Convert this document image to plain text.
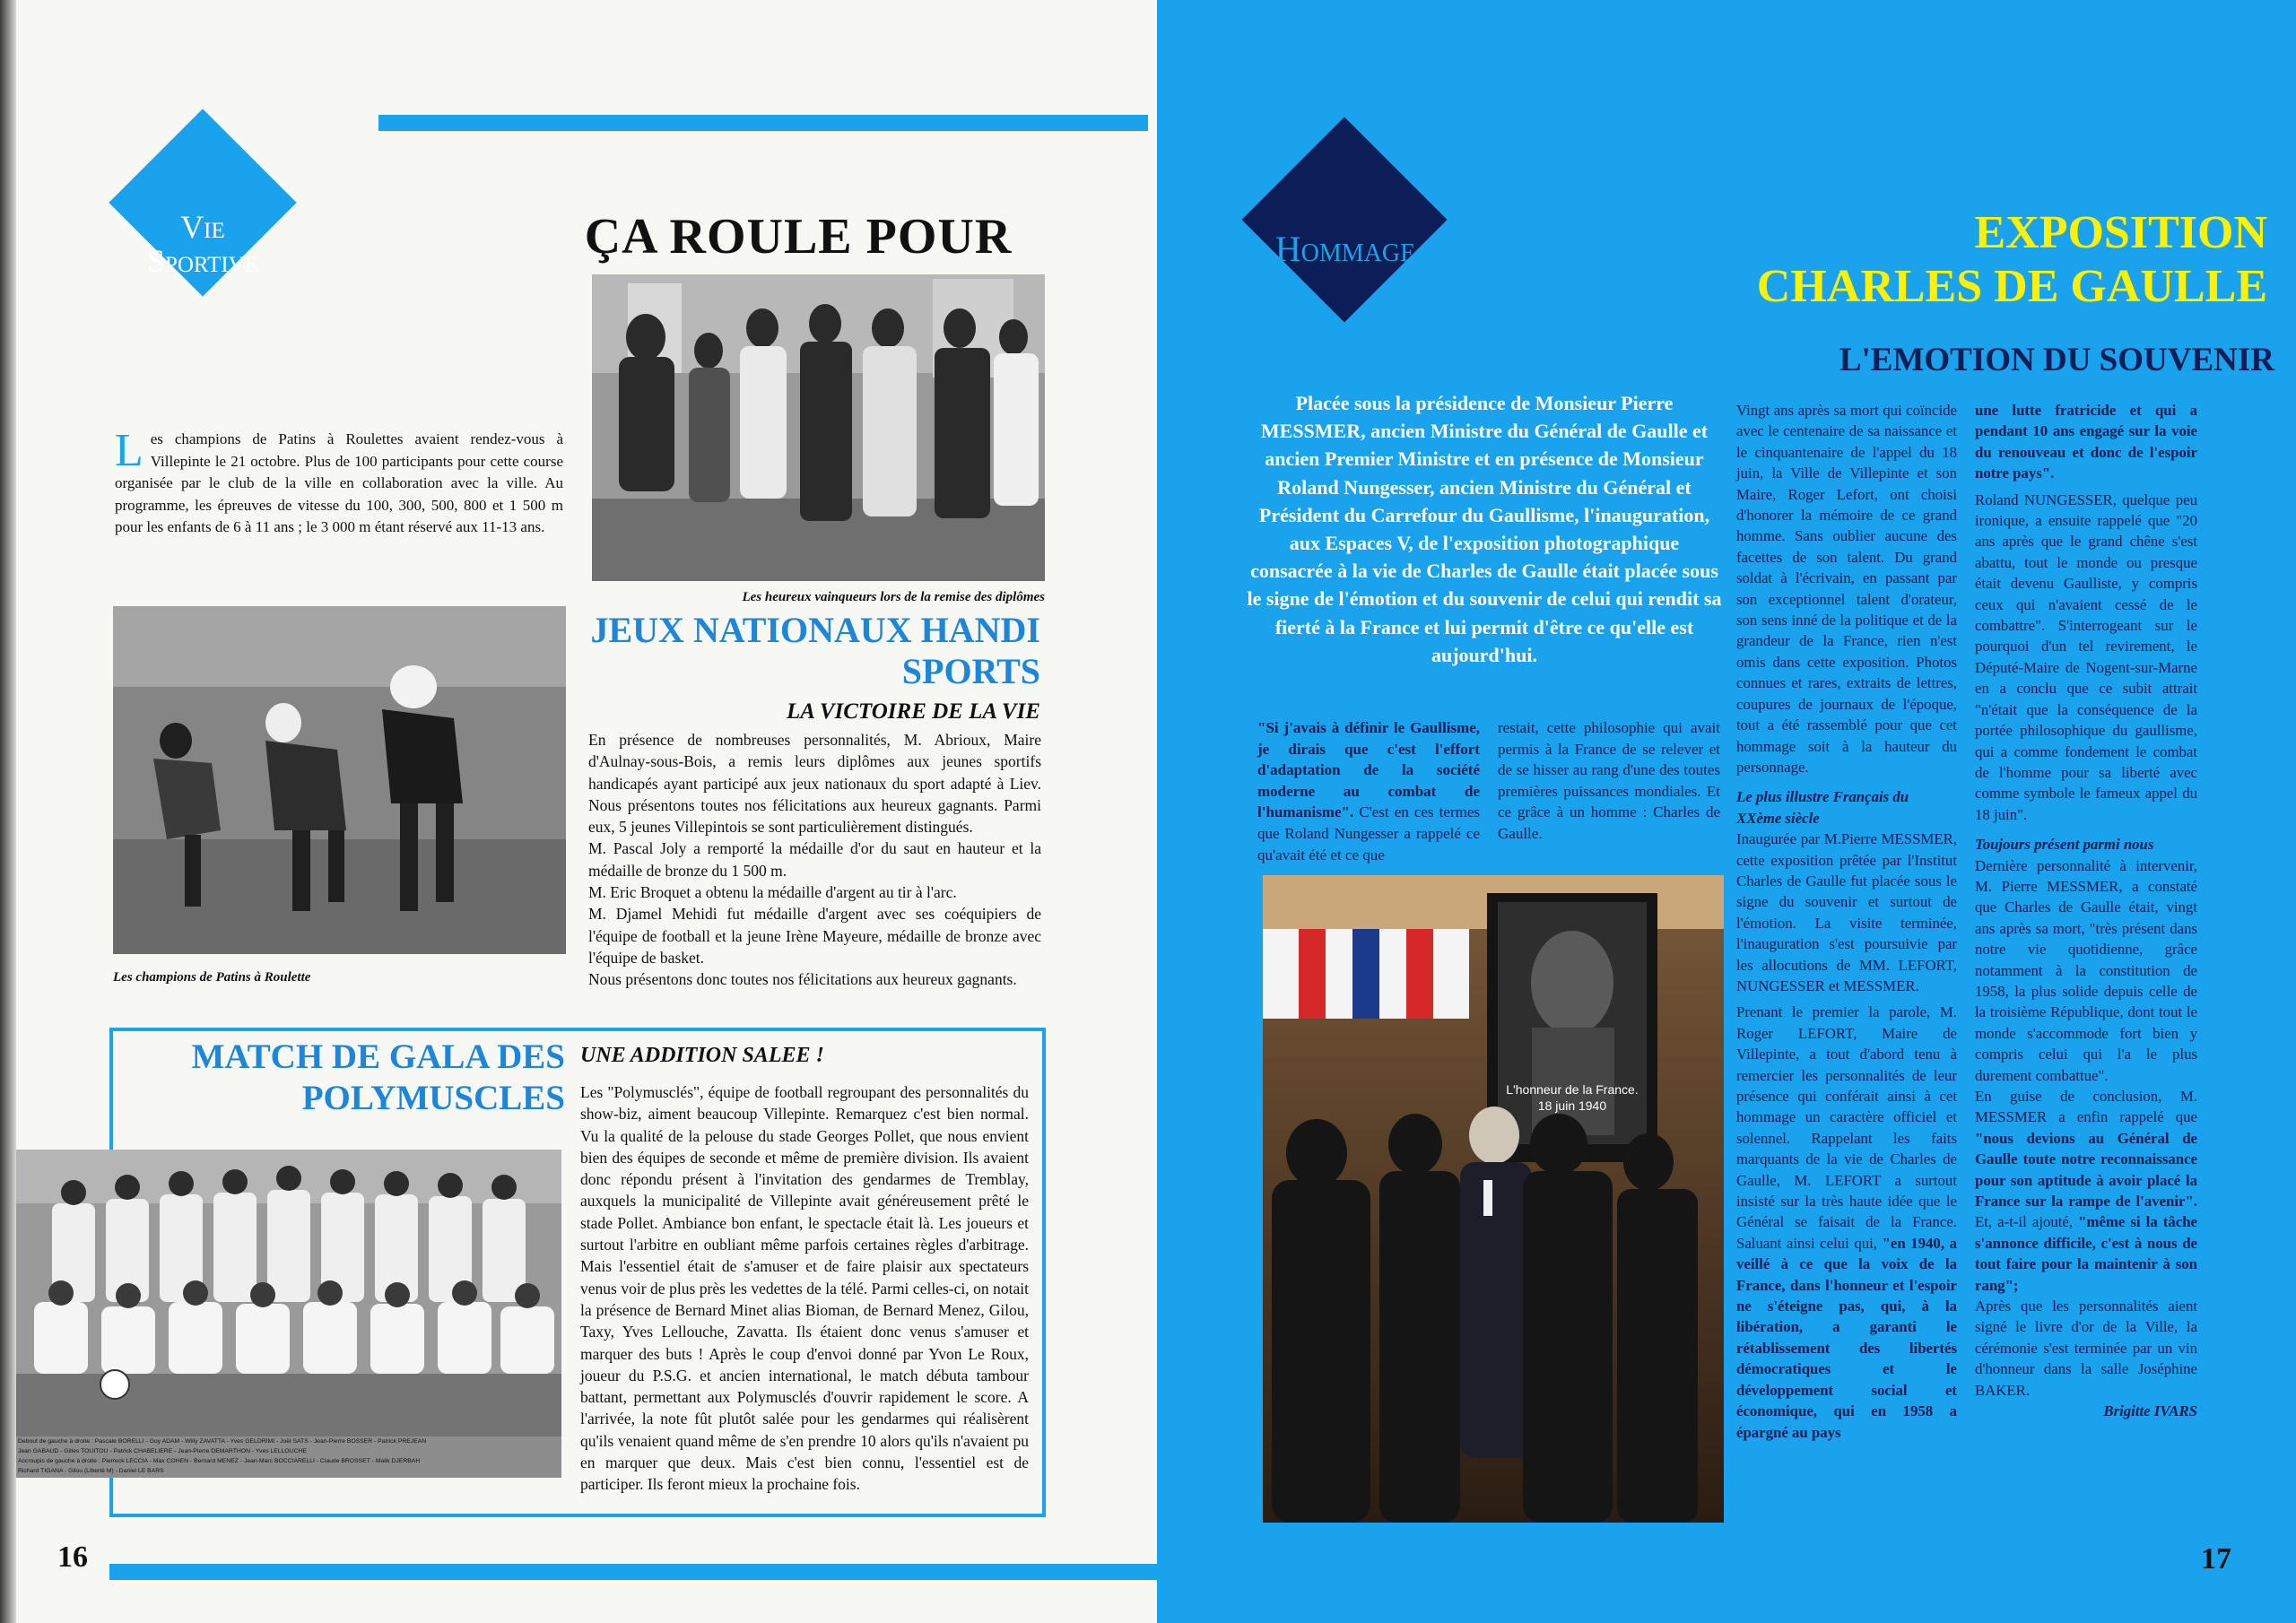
Vie
Sportive	ÇA ROULE POUR
L es champions de Patins à Roulettes avaient rendez-vous à Villepinte le 21 octobre. Plus de 100 participants pour cette course organisée par le club de la ville en collaboration avec la ville. Au programme, les épreuves de vitesse du 100, 300, 500, 800 et 1 500 m pour les enfants de 6 à 11 ans ; le 3 000 m étant réservé aux 11-13 ans.
Les heureux vainqueurs lors de la remise des diplômes
Les champions de Patins à Roulette
JEUX NATIONAUX HANDI
SPORTS
LA VICTOIRE DE LA VIE

En présence de nombreuses personnalités, M. Abrioux, Maire d'Aulnay-sous-Bois, a remis leurs diplômes aux jeunes sportifs handicapés ayant participé aux jeux nationaux du sport adapté à Liev. Nous présentons toutes nos félicitations aux heureux gagnants. Parmi eux, 5 jeunes Villepintois se sont particulièrement distingués.

M. Pascal Joly a remporté la médaille d'or du saut en hauteur et la médaille de bronze du 1 500 m.

M. Eric Broquet a obtenu la médaille d'argent au tir à l'arc.

M. Djamel Mehidi fut médaille d'argent avec ses coéquipiers de l'équipe de football et la jeune Irène Mayeure, médaille de bronze avec l'équipe de basket.

Nous présentons donc toutes nos félicitations aux heureux gagnants.

MATCH DE GALA DES
POLYMUSCLES
UNE ADDITION SALEE !
Les "Polymusclés", équipe de football regroupant des personnalités du show-biz, aiment beaucoup Villepinte. Remarquez c'est bien normal. Vu la qualité de la pelouse du stade Georges Pollet, que nous envient bien des équipes de seconde et même de première division. Ils avaient donc répondu présent à l'invitation des gendarmes de Tremblay, auxquels la municipalité de Villepinte avait généreusement prêté le stade Pollet. Ambiance bon enfant, le spectacle était là. Les joueurs et surtout l'arbitre en oubliant même parfois certaines règles d'arbitrage. Mais l'essentiel était de s'amuser et de faire plaisir aux spectateurs venus voir de plus près les vedettes de la télé. Parmi celles-ci, on notait la présence de Bernard Minet alias Bioman, de Bernard Menez, Gilou, Taxy, Yves Lellouche, Zavatta. Ils étaient donc venus s'amuser et marquer des buts ! Après le coup d'envoi donné par Yvon Le Roux, joueur du P.S.G. et ancien international, le match débuta tambour battant, permettant aux Polymusclés d'ouvrir rapidement le score. A l'arrivée, la note fût plutôt salée pour les gendarmes qui réalisèrent qu'ils venaient quand même de s'en prendre 10 alors qu'ils n'avaient pu en marquer que deux. Mais c'est bien connu, l'essentiel est de participer. Ils feront mieux la prochaine fois.
Debout de gauche à droite : Pascale BORELLI - Guy ADAM - Willy ZAVATTA - Yves GELDRIMI - Joël SATS - Jean-Pierre BOSSER - Patrick PREJEAN
Jean GABAUD - Gilles TOUITOU - Patrick CHABELIERE - Jean-Pierre DEMARTHON - Yves LELLOUCHE
Accroupis de gauche à droite : Pierreck LECCIA - Max COHEN - Bernard MENEZ - Jean-Marc BOCCIARELLI - Claude BROSSET - Malik DJERBAH
Richard TIGANA - Gilou (Liberté M) - Daniel LE BARS
16
Hommage	EXPOSITION
CHARLES DE GAULLE
L'EMOTION DU SOUVENIR
Placée sous la présidence de Monsieur Pierre MESSMER, ancien Ministre du Général de Gaulle et ancien Premier Ministre et en présence de Monsieur Roland Nungesser, ancien Ministre du Général et Président du Carrefour du Gaullisme, l'inauguration, aux Espaces V, de l'exposition photographique consacrée à la vie de Charles de Gaulle était placée sous le signe de l'émotion et du souvenir de celui qui rendit sa fierté à la France et lui permit d'être ce qu'elle est aujourd'hui.
"Si j'avais à définir le Gaullisme, je dirais que c'est l'effort d'adaptation de la société moderne au combat de l'humanisme". C'est en ces termes que Roland Nungesser a rappelé ce qu'avait été et ce que
restait, cette philosophie qui avait permis à la France de se relever et de se hisser au rang d'une des toutes premières puissances mondiales. Et ce grâce à un homme : Charles de Gaulle.
L'honneur de la France.
18 juin 1940

Vingt ans après sa mort qui coïncide avec le centenaire de sa naissance et le cinquantenaire de l'appel du 18 juin, la Ville de Villepinte et son Maire, Roger Lefort, ont choisi d'honorer la mémoire de ce grand homme. Sans oublier aucune des facettes de son talent. Du grand soldat à l'écrivain, en passant par son exceptionnel talent d'orateur, son sens inné de la politique et de la grandeur de la France, rien n'est omis dans cette exposition. Photos connues et rares, extraits de lettres, coupures de journaux de l'époque, tout a été rassemblé pour que cet hommage soit à la hauteur du personnage.

Le plus illustre Français du XXème siècle

Inaugurée par M.Pierre MESSMER, cette exposition prêtée par l'Institut Charles de Gaulle fut placée sous le signe du souvenir et surtout de l'émotion. La visite terminée, l'inauguration s'est poursuivie par les allocutions de MM. LEFORT, NUNGESSER et MESSMER.

Prenant le premier la parole, M. Roger LEFORT, Maire de Villepinte, a tout d'abord tenu à remercier les personnalités de leur présence qui conférait ainsi à cet hommage un caractère officiel et solennel. Rappelant les faits marquants de la vie de Charles de Gaulle, M. LEFORT a surtout insisté sur la très haute idée que le Général se faisait de la France. Saluant ainsi celui qui, "en 1940, a veillé à ce que la voix de la France, dans l'honneur et l'espoir ne s'éteigne pas, qui, à la libération, a garanti le rétablissement des libertés démocratiques et le développement social et économique, qui en 1958 a épargné au pays

une lutte fratricide et qui a pendant 10 ans engagé sur la voie du renouveau et donc de l'espoir notre pays".

Roland NUNGESSER, quelque peu ironique, a ensuite rappelé que "20 ans après que le grand chêne s'est abattu, tout le monde ou presque était devenu Gaulliste, y compris ceux qui n'avaient cessé de le combattre". S'interrogeant sur le pourquoi d'un tel revirement, le Député-Maire de Nogent-sur-Marne en a conclu que ce subit attrait "n'était que la conséquence de la portée philosophique du gaullisme, qui a comme fondement le combat de l'homme pour sa liberté avec comme symbole le fameux appel du 18 juin".

Toujours présent parmi nous

Dernière personnalité à intervenir, M. Pierre MESSMER, a constaté que Charles de Gaulle était, vingt ans après sa mort, "très présent dans notre vie quotidienne, grâce notamment à la constitution de 1958, la plus solide depuis celle de la troisième République, dont tout le monde s'accommode fort bien y compris celui qui l'a le plus durement combattue".

En guise de conclusion, M. MESSMER a enfin rappelé que "nous devions au Général de Gaulle toute notre reconnaissance pour son aptitude à avoir placé la France sur la rampe de l'avenir". Et, a-t-il ajouté, "même si la tâche s'annonce difficile, c'est à nous de tout faire pour la maintenir à son rang";

Après que les personnalités aient signé le livre d'or de la Ville, la cérémonie s'est terminée par un vin d'honneur dans la salle Joséphine BAKER.

Brigitte IVARS

17
